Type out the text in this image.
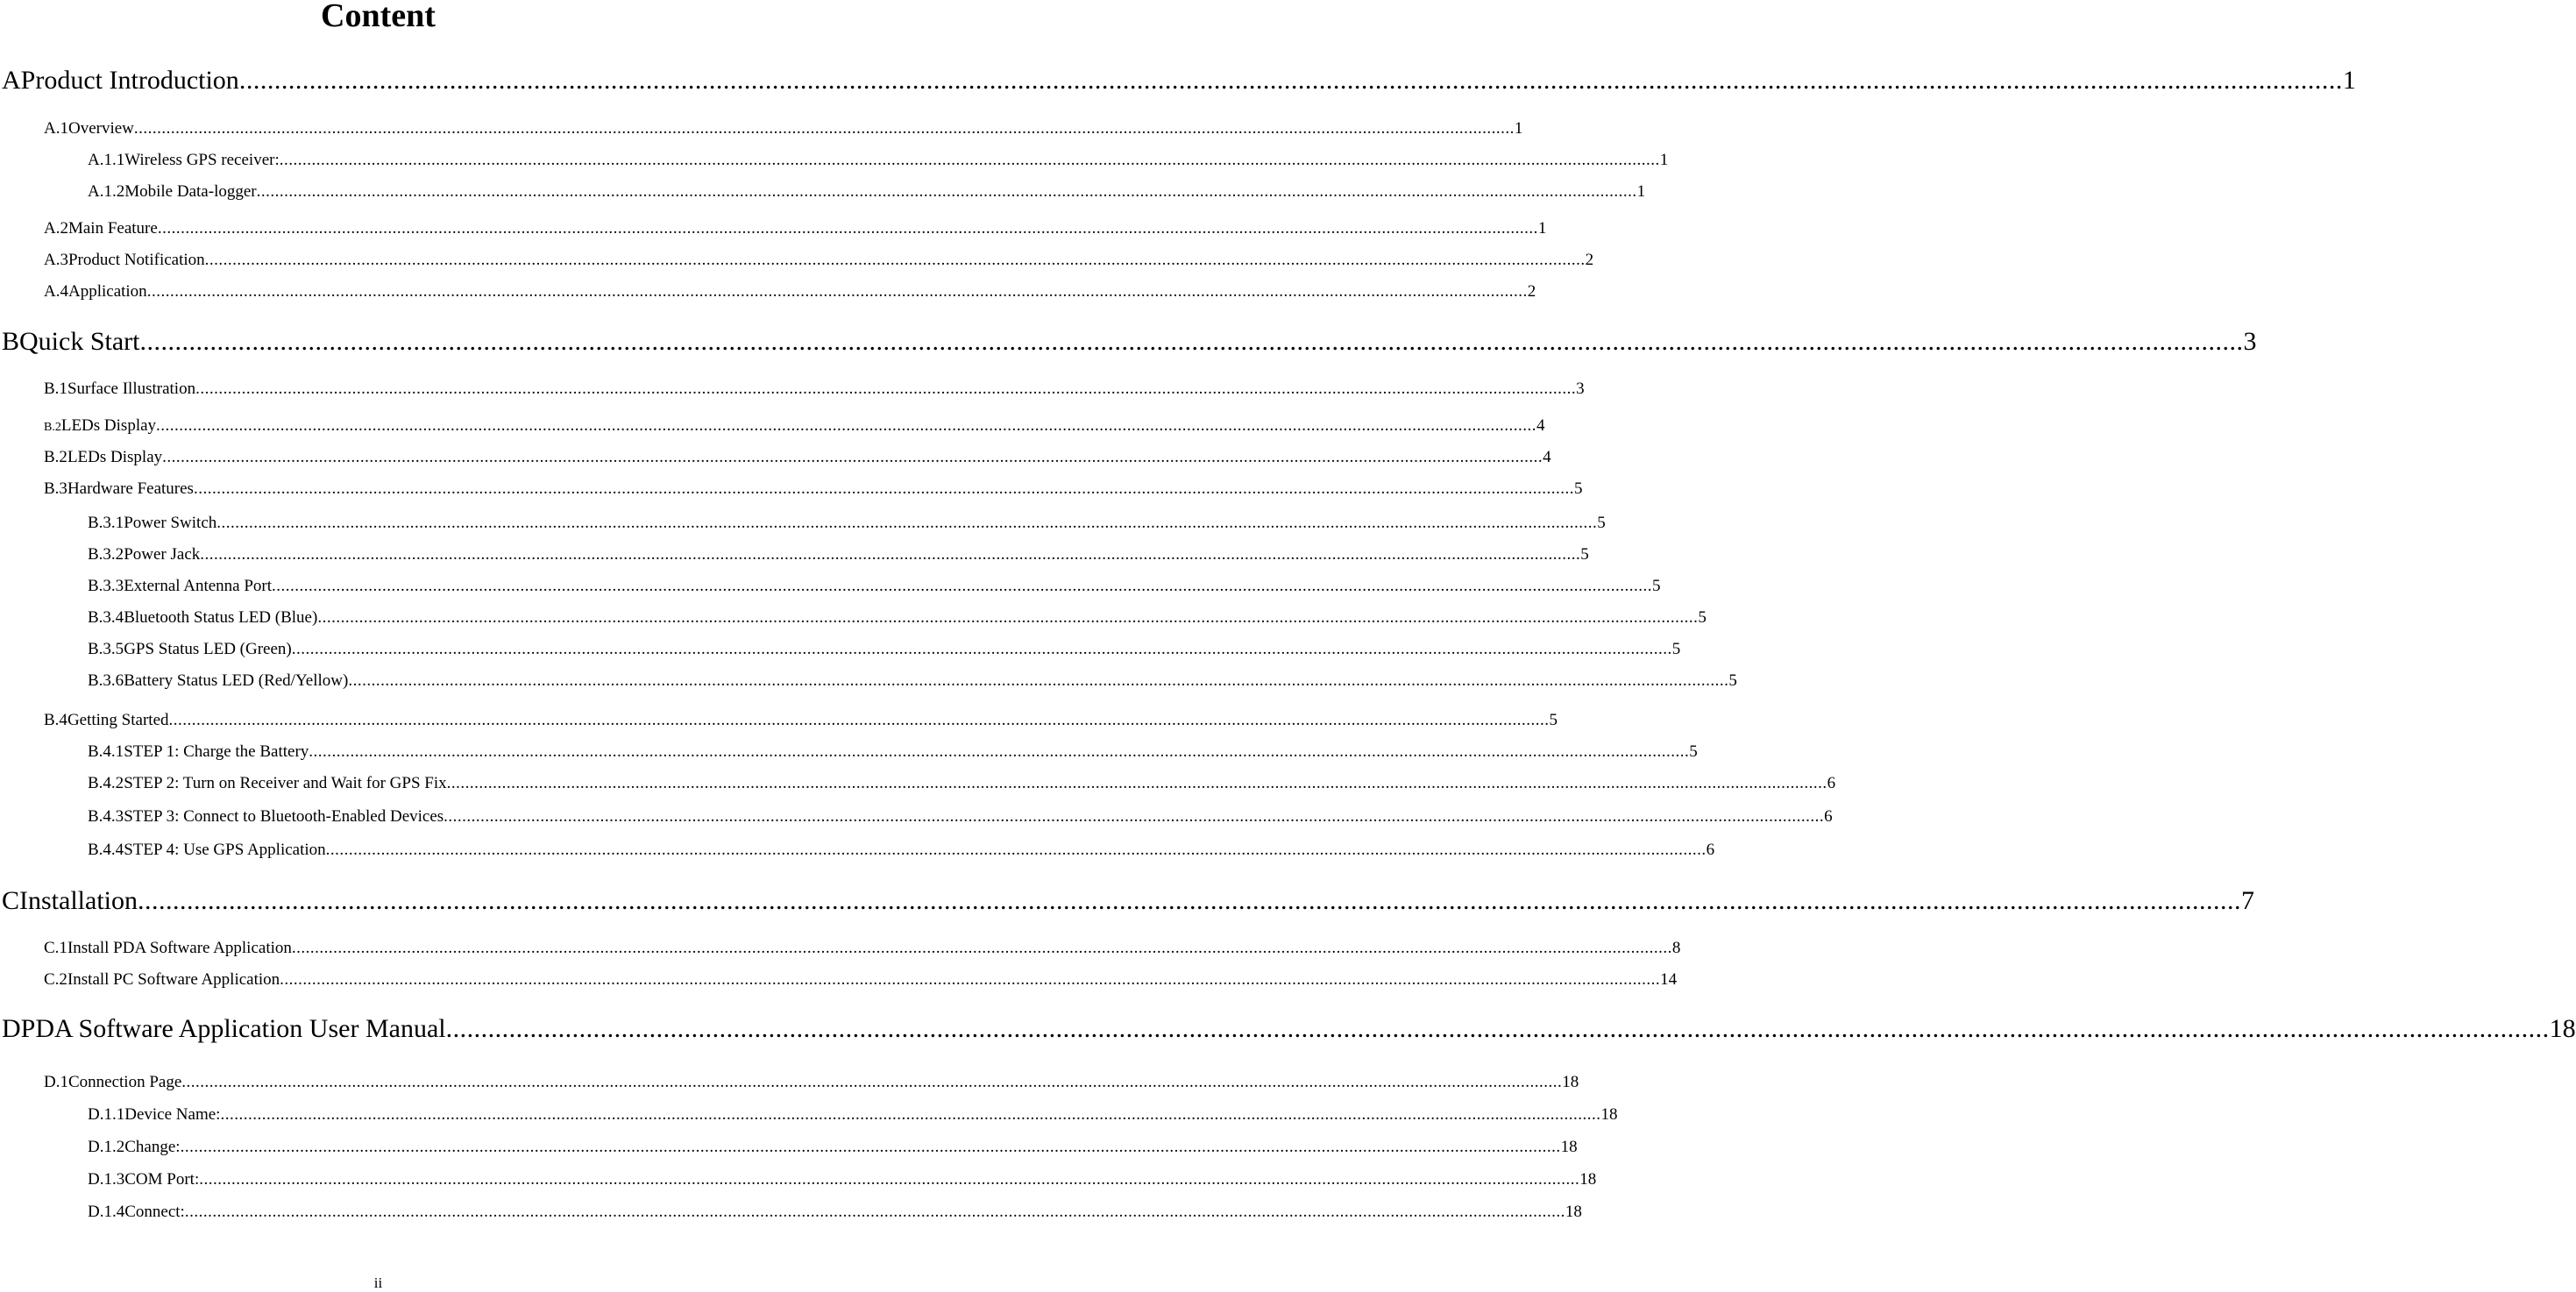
Content
A Product Introduction ............................................................................................................................................................................................................................................................................................................ 1
A.1 Overview ............................................................................................................................................................................................................................................................................................................ 1
A.1.1 Wireless GPS receiver: ............................................................................................................................................................................................................................................................................................................ 1
A.1.2 Mobile Data-logger ............................................................................................................................................................................................................................................................................................................ 1
A.2 Main Feature ............................................................................................................................................................................................................................................................................................................ 1
A.3 Product Notification ............................................................................................................................................................................................................................................................................................................ 2
A.4 Application ............................................................................................................................................................................................................................................................................................................ 2
B Quick Start ............................................................................................................................................................................................................................................................................................................ 3
B.1 Surface Illustration ............................................................................................................................................................................................................................................................................................................ 3
B.2 LEDs Display ............................................................................................................................................................................................................................................................................................................ 4
B.2 LEDs Display ............................................................................................................................................................................................................................................................................................................ 4
B.3 Hardware Features ............................................................................................................................................................................................................................................................................................................ 5
B.3.1 Power Switch ............................................................................................................................................................................................................................................................................................................ 5
B.3.2 Power Jack ............................................................................................................................................................................................................................................................................................................ 5
B.3.3 External Antenna Port ............................................................................................................................................................................................................................................................................................................ 5
B.3.4 Bluetooth Status LED (Blue) ............................................................................................................................................................................................................................................................................................................ 5
B.3.5 GPS Status LED (Green) ............................................................................................................................................................................................................................................................................................................ 5
B.3.6 Battery Status LED (Red/Yellow) ............................................................................................................................................................................................................................................................................................................ 5
B.4 Getting Started ............................................................................................................................................................................................................................................................................................................ 5
B.4.1 STEP 1: Charge the Battery ............................................................................................................................................................................................................................................................................................................ 5
B.4.2 STEP 2: Turn on Receiver and Wait for GPS Fix ............................................................................................................................................................................................................................................................................................................ 6
B.4.3 STEP 3: Connect to Bluetooth-Enabled Devices ............................................................................................................................................................................................................................................................................................................ 6
B.4.4 STEP 4: Use GPS Application ............................................................................................................................................................................................................................................................................................................ 6
C Installation ............................................................................................................................................................................................................................................................................................................ 7
C.1 Install PDA Software Application ............................................................................................................................................................................................................................................................................................................ 8
C.2 Install PC Software Application ............................................................................................................................................................................................................................................................................................................ 14
D PDA Software Application User Manual ............................................................................................................................................................................................................................................................................................................ 18
D.1 Connection Page ............................................................................................................................................................................................................................................................................................................ 18
D.1.1 Device Name: ............................................................................................................................................................................................................................................................................................................ 18
D.1.2 Change: ............................................................................................................................................................................................................................................................................................................ 18
D.1.3 COM Port: ............................................................................................................................................................................................................................................................................................................ 18
D.1.4 Connect: ............................................................................................................................................................................................................................................................................................................ 18
ii
